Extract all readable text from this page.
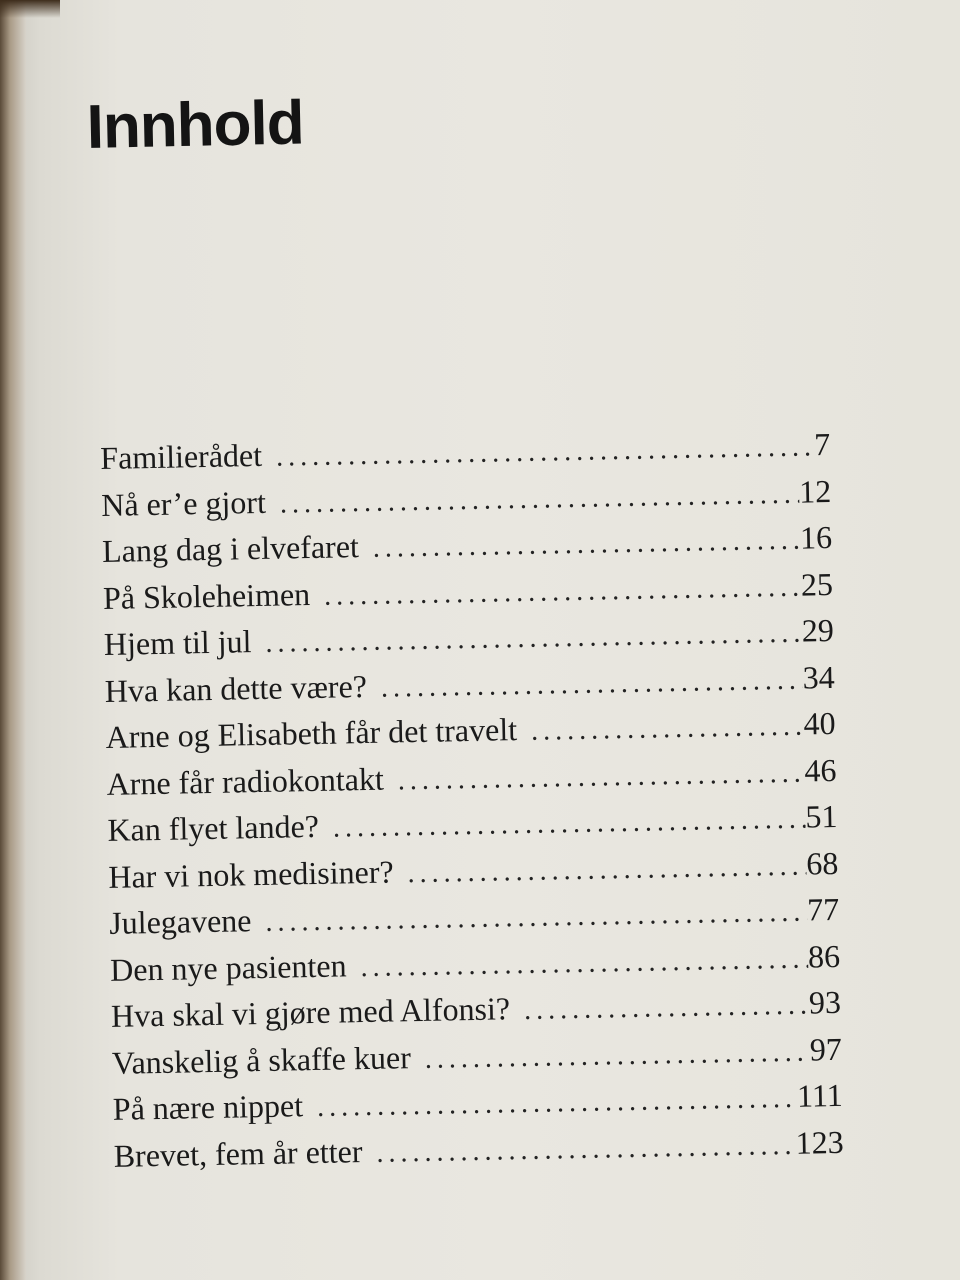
Innhold
Familierådet . . .	7
Nå er’e gjort . . .	12
Lang dag i elvefaret . . .	16
På Skoleheimen . . .	25
Hjem til jul . . .	29
Hva kan dette være? . . .	34
Arne og Elisabeth får det travelt . . .	40
Arne får radiokontakt . . .	46
Kan flyet lande? . . .	51
Har vi nok medisiner? . . .	68
Julegavene . . .	77
Den nye pasienten . . .	86
Hva skal vi gjøre med Alfonsi? . . .	93
Vanskelig å skaffe kuer . . .	97
På nære nippet . . .	111
Brevet, fem år etter . . .	123
